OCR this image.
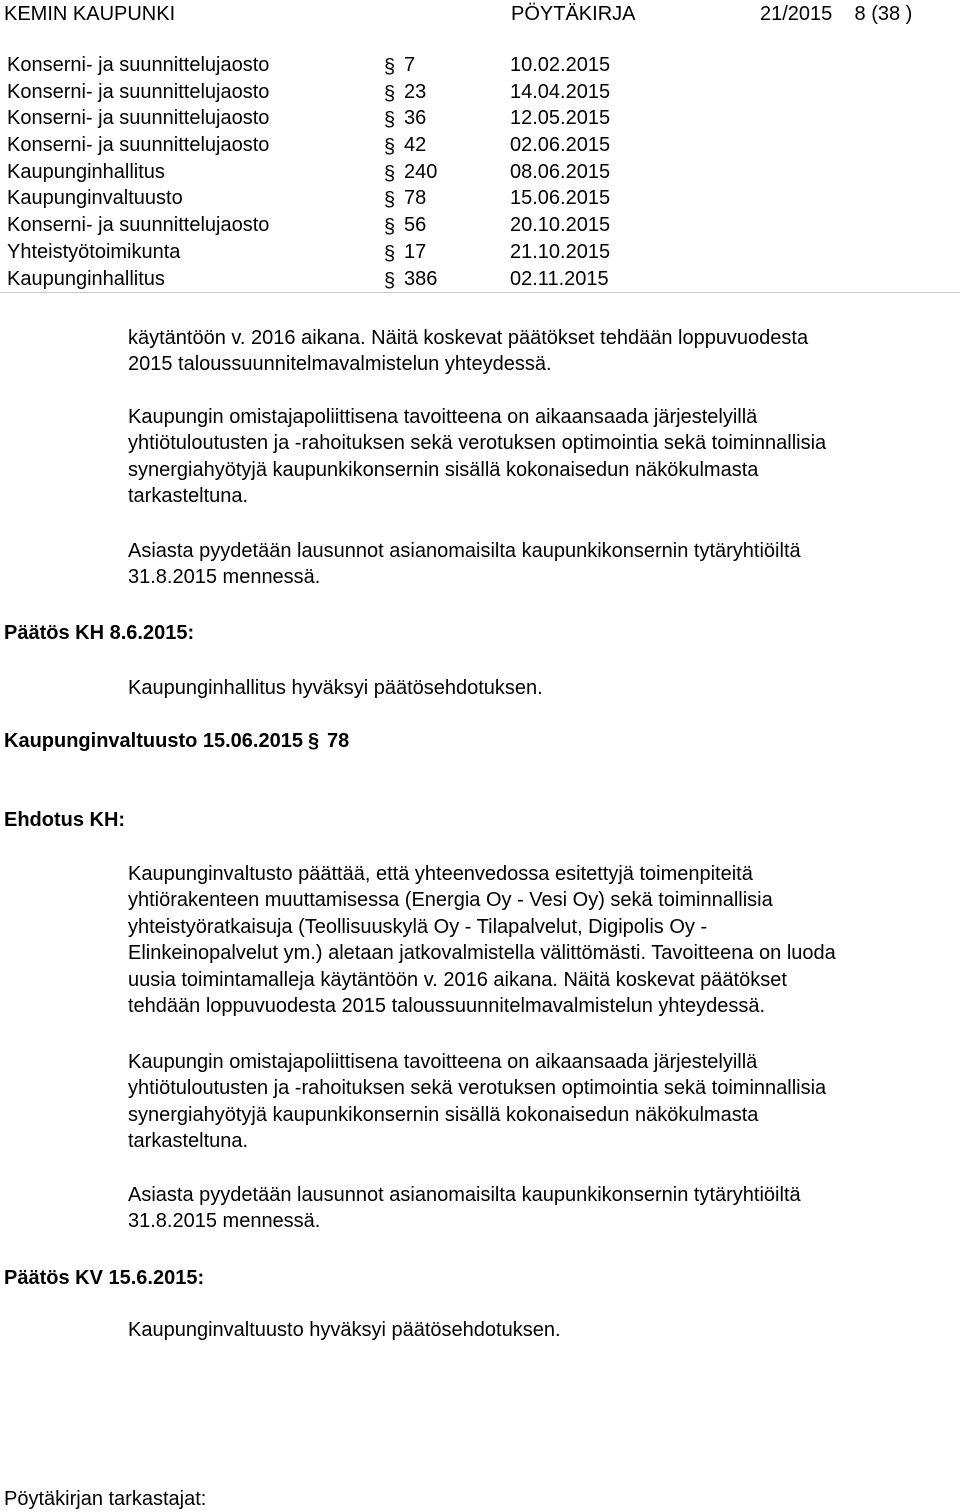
KEMIN KAUPUNKI	PÖYTÄKIRJA	21/2015    8 (38 )
Konserni- ja suunnittelujaosto	§ 7	10.02.2015
Konserni- ja suunnittelujaosto	§ 23	14.04.2015
Konserni- ja suunnittelujaosto	§ 36	12.05.2015
Konserni- ja suunnittelujaosto	§ 42	02.06.2015
Kaupunginhallitus	§ 240	08.06.2015
Kaupunginvaltuusto	§ 78	15.06.2015
Konserni- ja suunnittelujaosto	§ 56	20.10.2015
Yhteistyötoimikunta	§ 17	21.10.2015
Kaupunginhallitus	§ 386	02.11.2015

käytäntöön v. 2016 aikana. Näitä koskevat päätökset tehdään loppuvuodesta
2015 taloussuunnitelmavalmistelun yhteydessä.

Kaupungin omistajapoliittisena tavoitteena on aikaansaada järjestelyillä
yhtiötuloutusten ja -rahoituksen sekä verotuksen optimointia sekä toiminnallisia
synergiahyötyjä kaupunkikonsernin sisällä kokonaisedun näkökulmasta
tarkasteltuna.

Asiasta pyydetään lausunnot asianomaisilta kaupunkikonsernin tytäryhtiöiltä
31.8.2015 mennessä.

Päätös KH 8.6.2015:

Kaupunginhallitus hyväksyi päätösehdotuksen.

Kaupunginvaltuusto 15.06.2015 § 78

Ehdotus KH:

Kaupunginvaltusto päättää, että yhteenvedossa esitettyjä toimenpiteitä
yhtiörakenteen muuttamisessa (Energia Oy - Vesi Oy) sekä toiminnallisia
yhteistyöratkaisuja (Teollisuuskylä Oy - Tilapalvelut, Digipolis Oy -
Elinkeinopalvelut ym.) aletaan jatkovalmistella välittömästi. Tavoitteena on luoda
uusia toimintamalleja käytäntöön v. 2016 aikana. Näitä koskevat päätökset
tehdään loppuvuodesta 2015 taloussuunnitelmavalmistelun yhteydessä.

Kaupungin omistajapoliittisena tavoitteena on aikaansaada järjestelyillä
yhtiötuloutusten ja -rahoituksen sekä verotuksen optimointia sekä toiminnallisia
synergiahyötyjä kaupunkikonsernin sisällä kokonaisedun näkökulmasta
tarkasteltuna.

Asiasta pyydetään lausunnot asianomaisilta kaupunkikonsernin tytäryhtiöiltä
31.8.2015 mennessä.

Päätös KV 15.6.2015:

Kaupunginvaltuusto hyväksyi päätösehdotuksen.

Pöytäkirjan tarkastajat:
